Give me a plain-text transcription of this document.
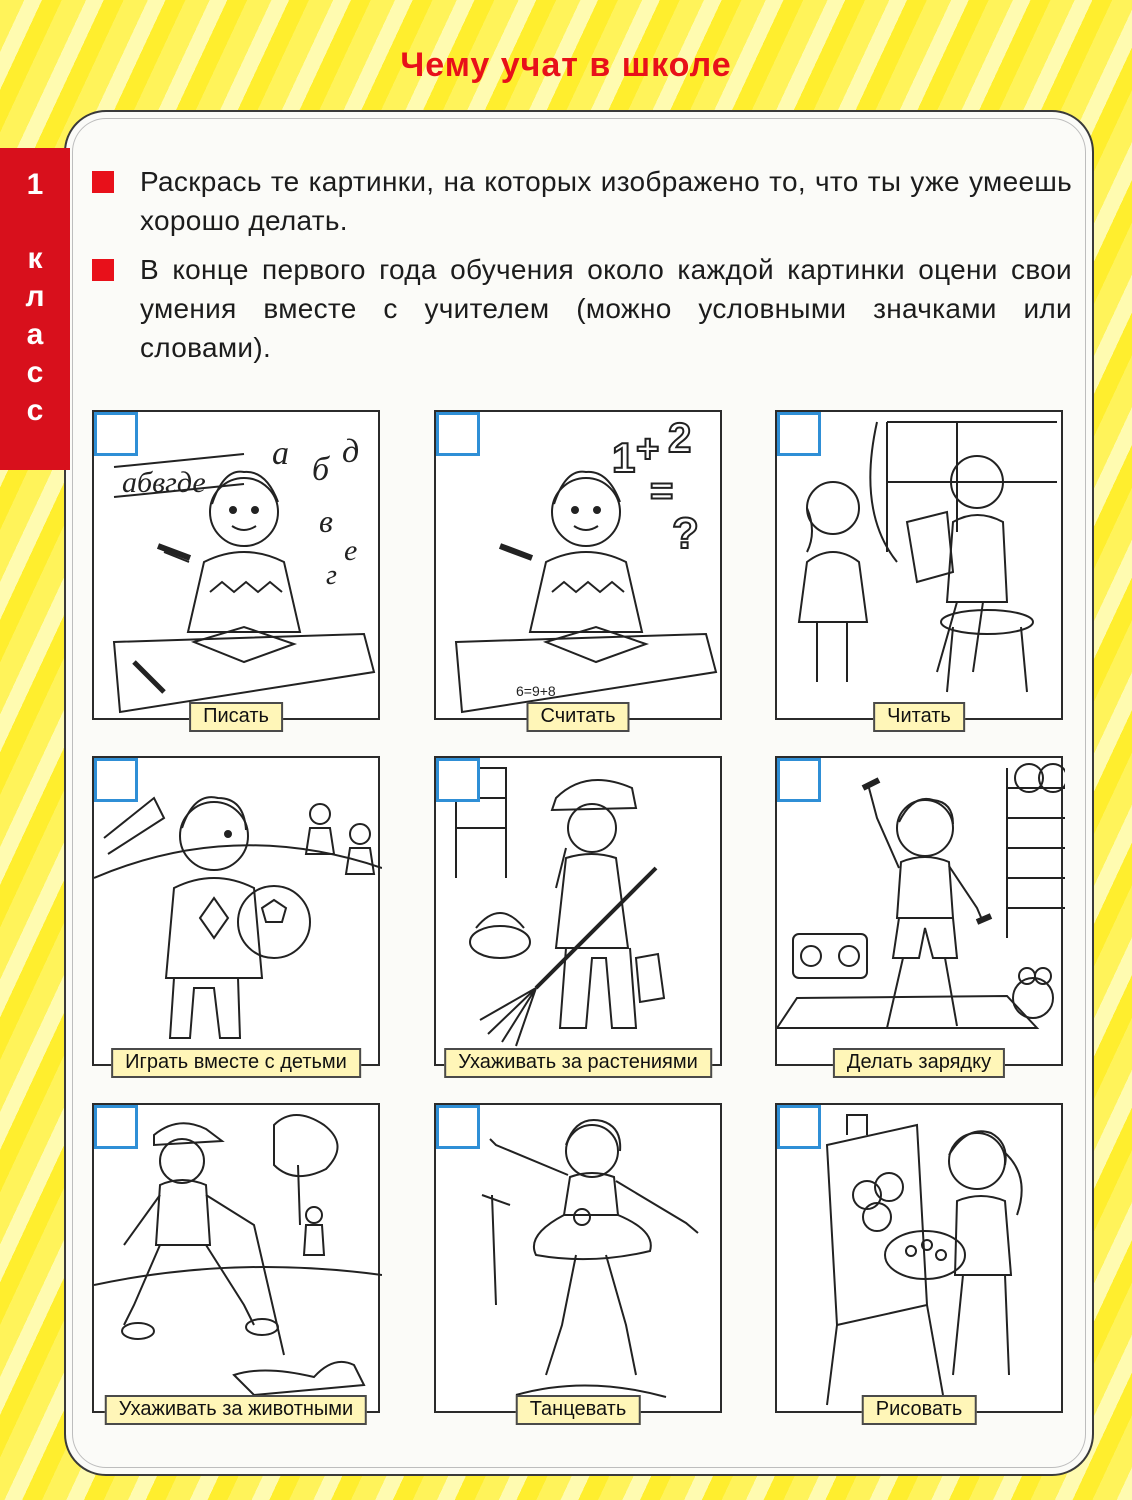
Чему учат в школе
1
к
л
а
с
с
Раскрась те картинки, на которых изображено то, что ты уже умеешь хорошо делать.
В конце первого года обучения около каждой картинки оцени свои умения вместе с учителем (можно условными значками или словами).
абвгде
а б д
в
е
г
Писать
1 + 2
=
?
6=9+8
Считать	Читать
Играть вместе с детьми	Ухаживать за растениями	Делать зарядку
Ухаживать за животными	Танцевать	Рисовать
